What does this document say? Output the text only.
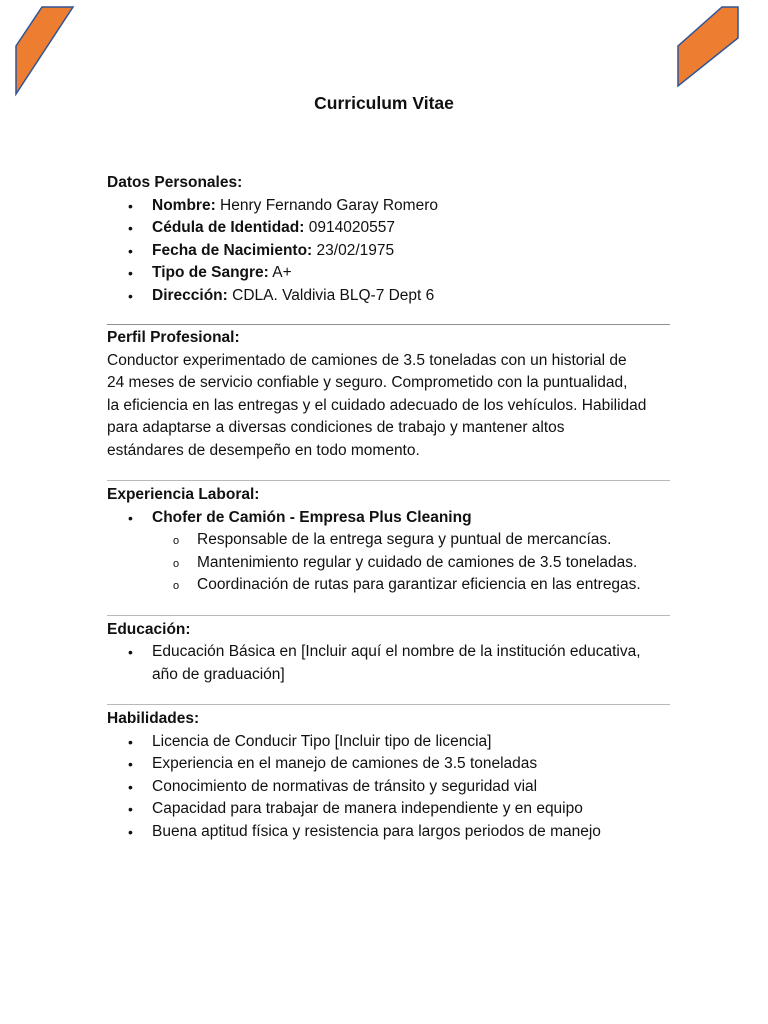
Curriculum Vitae
Datos Personales:
• Nombre: Henry Fernando Garay Romero
• Cédula de Identidad: 0914020557
• Fecha de Nacimiento: 23/02/1975
• Tipo de Sangre: A+
• Dirección: CDLA. Valdivia BLQ-7 Dept 6
Perfil Profesional:
Conductor experimentado de camiones de 3.5 toneladas con un historial de
24 meses de servicio confiable y seguro. Comprometido con la puntualidad,
la eficiencia en las entregas y el cuidado adecuado de los vehículos. Habilidad
para adaptarse a diversas condiciones de trabajo y mantener altos
estándares de desempeño en todo momento.
Experiencia Laboral:
• Chofer de Camión - Empresa Plus Cleaning
o Responsable de la entrega segura y puntual de mercancías.
o Mantenimiento regular y cuidado de camiones de 3.5 toneladas.
o Coordinación de rutas para garantizar eficiencia en las entregas.
Educación:
• Educación Básica en [Incluir aquí el nombre de la institución educativa,
año de graduación]
Habilidades:
• Licencia de Conducir Tipo [Incluir tipo de licencia]
• Experiencia en el manejo de camiones de 3.5 toneladas
• Conocimiento de normativas de tránsito y seguridad vial
• Capacidad para trabajar de manera independiente y en equipo
• Buena aptitud física y resistencia para largos periodos de manejo
